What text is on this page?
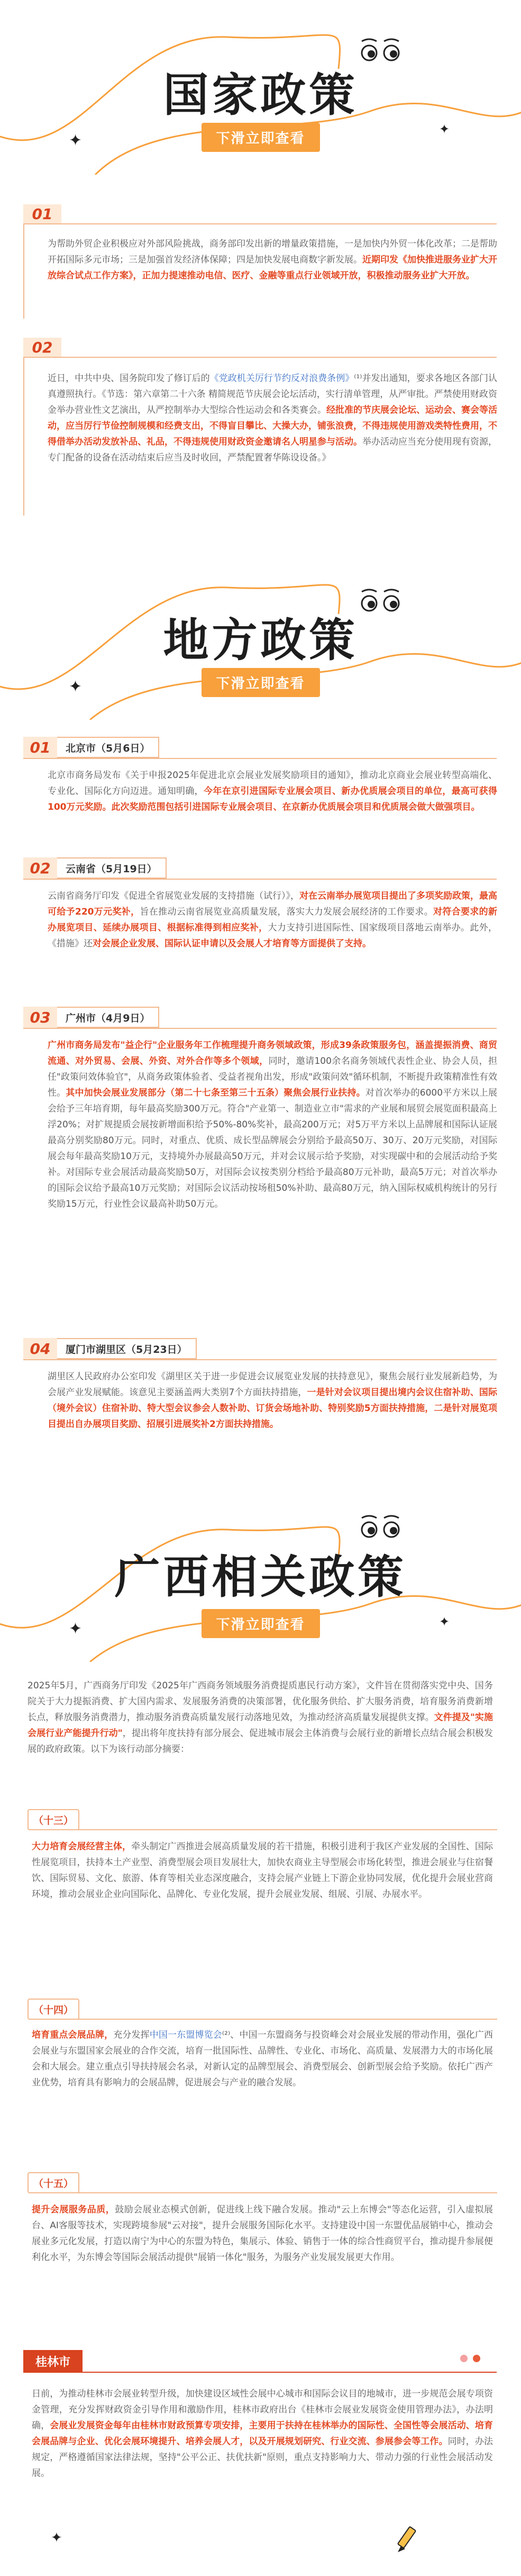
国家政策
下滑立即查看
✦
✦
01

为帮助外贸企业积极应对外部风险挑战，商务部印发出新的增量政策措施，一是加快内外贸一体化改革；二是帮助开拓国际多元市场；三是加强首发经济体保障；四是加快发展电商数字新发展。近期印发《加快推进服务业扩大开放综合试点工作方案》，正加力提速推动电信、医疗、金融等重点行业领域开放，积极推动服务业扩大开放。

02

近日，中共中央、国务院印发了修订后的《党政机关厉行节约反对浪费条例》⁽¹⁾并发出通知，要求各地区各部门认真遵照执行。《节选：第六章第二十六条 精简规范节庆展会论坛活动，实行清单管理，从严审批。严禁使用财政资金举办营业性文艺演出，从严控制举办大型综合性运动会和各类赛会。经批准的节庆展会论坛、运动会、赛会等活动，应当厉行节俭控制规模和经费支出，不得盲目攀比、大操大办，铺张浪费，不得违规使用游戏类特性费用，不得借举办活动发放补品、礼品，不得违规使用财政资金邀请名人明星参与活动。举办活动应当充分使用现有资源，专门配备的设备在活动结束后应当及时收回，严禁配置奢华陈设设备。》

地方政策
下滑立即查看
✦
01	北京市（5月6日）

北京市商务局发布《关于申报2025年促进北京会展业发展奖励项目的通知》，推动北京商业会展业转型高端化、专业化、国际化方向迈进。通知明确，今年在京引进国际专业展会项目、新办优质展会项目的单位，最高可获得100万元奖励。此次奖励范围包括引进国际专业展会项目、在京新办优质展会项目和优质展会做大做强项目。

02	云南省（5月19日）

云南省商务厅印发《促进全省展览业发展的支持措施（试行）》，对在云南举办展览项目提出了多项奖励政策，最高可给予220万元奖补，旨在推动云南省展览业高质量发展，落实大力发展会展经济的工作要求。对符合要求的新办展览项目、延续办展项目、根据标准得到相应奖补，大力支持引进国际性、国家级项目落地云南举办。此外，《措施》还对会展企业发展、国际认证申请以及会展人才培育等方面提供了支持。

03	广州市（4月9日）

广州市商务局发布"益企行"企业服务年工作梳理提升商务领域政策，形成39条政策服务包，涵盖提振消费、商贸流通、对外贸易、会展、外资、对外合作等多个领域，同时，邀请100余名商务领域代表性企业、协会人员，担任"政策问效体验官"，从商务政策体验者、受益者视角出发，形成"政策问效"循环机制，不断提升政策精准性有效性。其中加快会展业发展部分（第二十七条至第三十五条）聚焦会展行业扶持。对首次举办的6000平方米以上展会给予三年培育期，每年最高奖励300万元。符合"产业第一、制造业立市"需求的产业展和展贸会展览面积最高上浮20%；对扩规提质会展按新增面积给予50%-80%奖补，最高200万元；对5万平方米以上品牌展和国际认证展最高分别奖励80万元。同时，对重点、优质、成长型品牌展会分别给予最高50万、30万、20万元奖励，对国际展会每年最高奖励10万元，支持境外办展最高50万元，并对会议展示给予奖励，对实现碳中和的会展活动给予奖补。对国际专业会展活动最高奖励50万，对国际会议按类别分档给予最高80万元补助，最高5万元；对首次举办的国际会议给予最高10万元奖励；对国际会议活动按场租50%补助、最高80万元，纳入国际权威机构统计的另行奖励15万元，行业性会议最高补助50万元。

04	厦门市湖里区（5月23日）

湖里区人民政府办公室印发《湖里区关于进一步促进会议展览业发展的扶持意见》，聚焦会展行业发展新趋势，为会展产业发展赋能。该意见主要涵盖两大类别7个方面扶持措施，一是针对会议项目提出境内会议住宿补助、国际（境外会议）住宿补助、特大型会议参会人数补助、订货会场地补助、特别奖励5方面扶持措施，二是针对展览项目提出自办展项目奖励、招展引进展奖补2方面扶持措施。

广西相关政策
下滑立即查看
✦	✦

2025年5月，广西商务厅印发《2025年广西商务领域服务消费提质惠民行动方案》，文件旨在贯彻落实党中央、国务院关于大力提振消费、扩大国内需求、发展服务消费的决策部署，优化服务供给、扩大服务消费，培育服务消费新增长点，释放服务消费潜力，推动服务消费高质量发展行动落地见效，为推动经济高质量发展提供支撑。文件提及"实施会展行业产能提升行动"，提出将年度扶持有部分展会、促进城市展会主体消费与会展行业的新增长点结合展会积极发展的政府政策。以下为该行动部分摘要：

（十三）

大力培育会展经营主体，牵头制定广西推进会展高质量发展的若干措施，积极引进利于我区产业发展的全国性、国际性展览项目，扶持本土产业型、消费型展会项目发展壮大，加快农商业主导型展会市场化转型，推进会展业与住宿餐饮、国际贸易、文化、旅游、体育等相关业态深度融合，支持会展产业链上下游企业协同发展，优化提升会展业营商环境，推动会展业企业向国际化、品牌化、专业化发展，提升会展业发展、组展、引展、办展水平。

（十四）

培育重点会展品牌，充分发挥中国一东盟博览会⁽²⁾、中国一东盟商务与投资峰会对会展业发展的带动作用，强化广西会展业与东盟国家会展业的合作交流，培育一批国际性、品牌性、专业化、市场化、高质量、发展潜力大的市场化展会和大展会。建立重点引导扶持展会名录，对新认定的品牌型展会、消费型展会、创新型展会给予奖励。依托广西产业优势，培育具有影响力的会展品牌，促进展会与产业的融合发展。

（十五）

提升会展服务品质，鼓励会展业态模式创新，促进线上线下融合发展。推动"云上东博会"等态化运营，引入虚拟展台、AI客服等技术，实现跨境参展"云对接"，提升会展服务国际化水平。支持建设中国一东盟优品展销中心，推动会展业多元化发展，打造以南宁为中心的东盟为特色，集展示、体验、销售于一体的综合性商贸平台，推动提升参展便利化水平，为东博会等国际会展活动提供"展销一体化"服务，为服务产业发展发展更大作用。

桂林市

日前，为推动桂林市会展业转型升级，加快建设区域性会展中心城市和国际会议目的地城市，进一步规范会展专项资金管理，充分发挥财政资金引导作用和激励作用，桂林市政府出台《桂林市会展业发展资金使用管理办法》，办法明确，会展业发展资金每年由桂林市财政预算专项安排，主要用于扶持在桂林举办的国际性、全国性等会展活动、培育会展品牌与企业、优化会展环境提升、培养会展人才，以及开展规划研究、行业交流、参展参会等工作。同时，办法规定，严格遵循国家法律法规，坚持"公平公正、扶优扶新"原则，重点支持影响力大、带动力强的行业性会展活动发展。

✦
